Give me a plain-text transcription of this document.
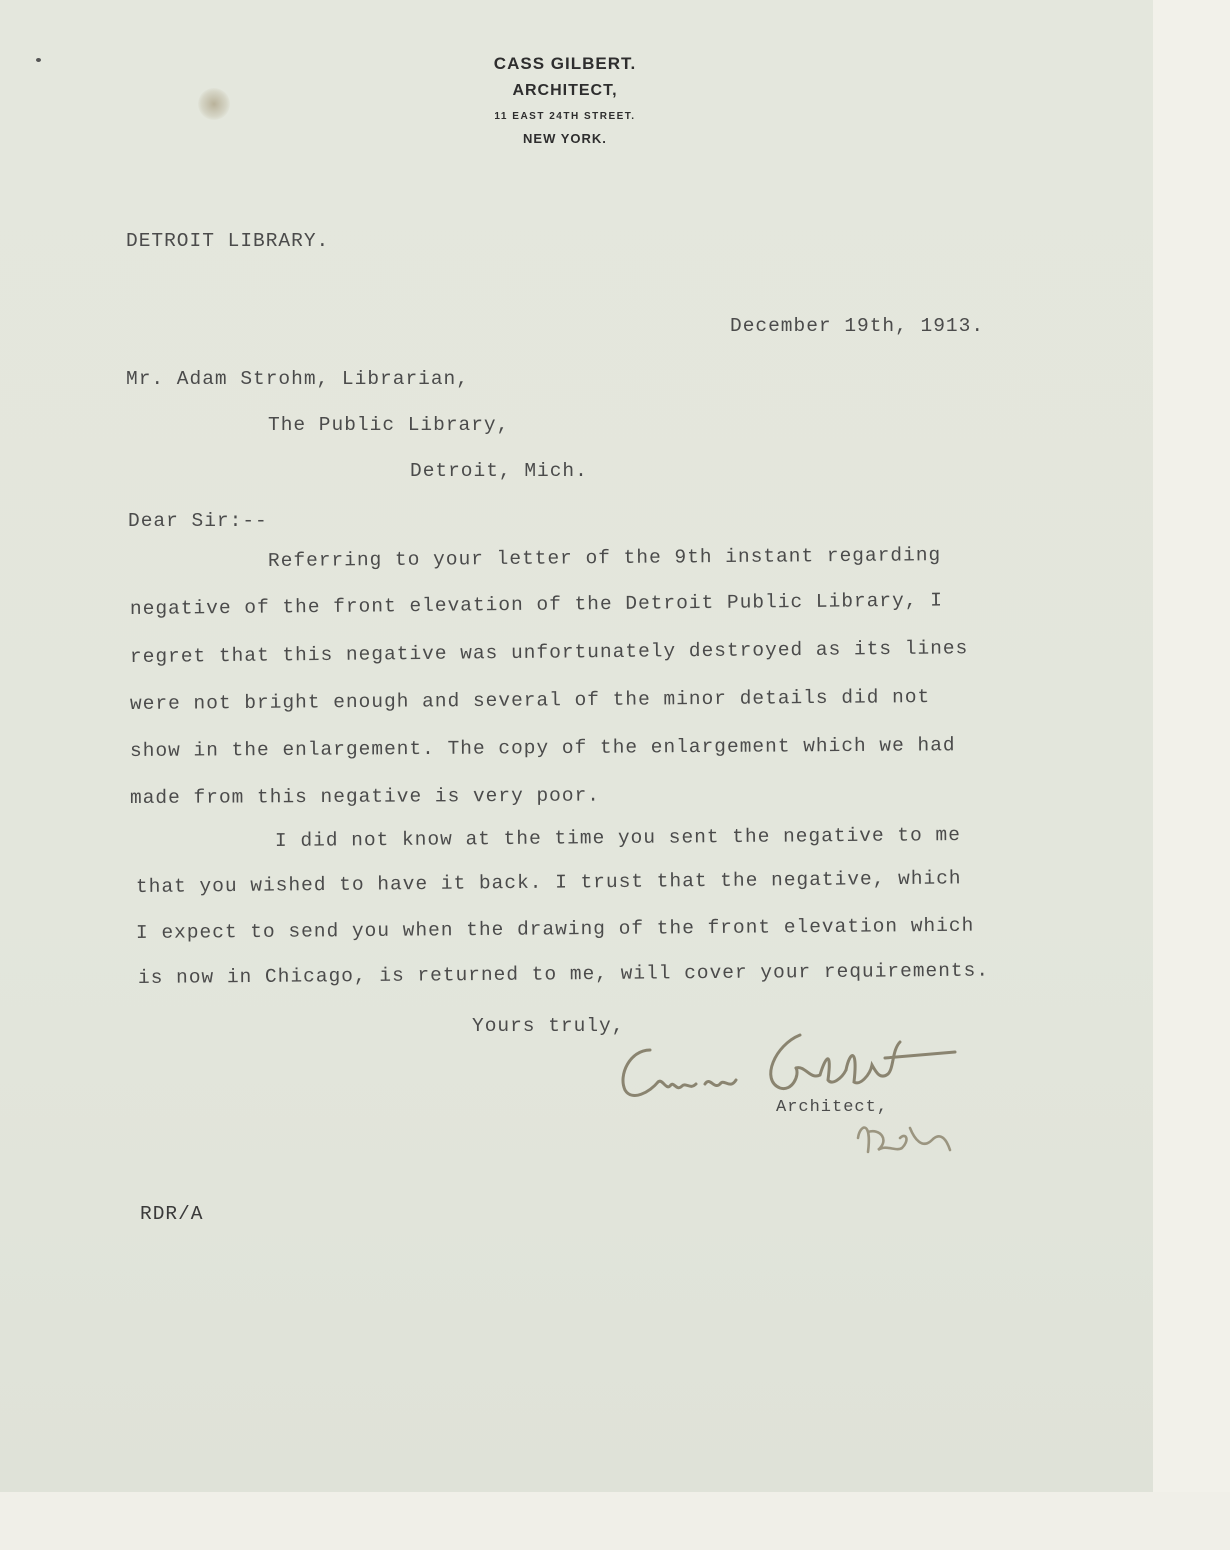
CASS GILBERT.
ARCHITECT,
11 EAST 24TH STREET.
NEW YORK.
DETROIT LIBRARY.
December 19th, 1913.
Mr. Adam Strohm, Librarian,
The Public Library,
Detroit, Mich.
Dear Sir:--
Referring to your letter of the 9th instant regarding
negative of the front elevation of the Detroit Public Library, I
regret that this negative was unfortunately destroyed as its lines
were not bright enough and several of the minor details did not
show in the enlargement. The copy of the enlargement which we had
made from this negative is very poor.
I did not know at the time you sent the negative to me
that you wished to have it back. I trust that the negative, which
I expect to send you when the drawing of the front elevation which
is now in Chicago, is returned to me, will cover your requirements.
Yours truly,
Architect,
RDR/A
